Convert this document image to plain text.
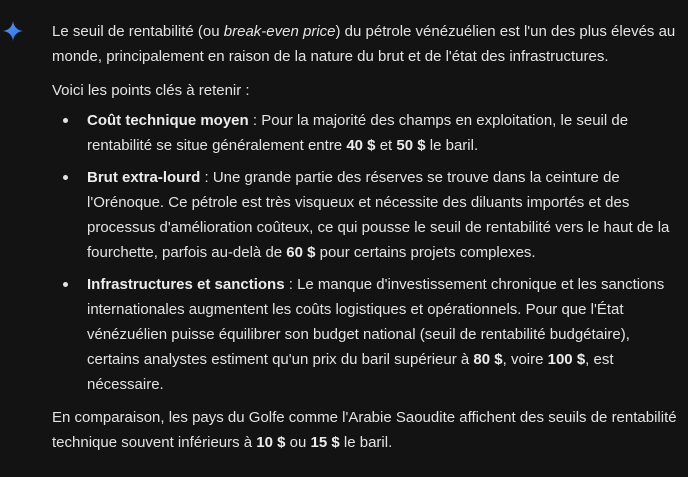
Le seuil de rentabilité (ou break-even price) du pétrole vénézuélien est l'un des plus élevés au monde, principalement en raison de la nature du brut et de l'état des infrastructures.

Voici les points clés à retenir :

Coût technique moyen : Pour la majorité des champs en exploitation, le seuil de rentabilité se situe généralement entre 40 $ et 50 $ le baril.
Brut extra-lourd : Une grande partie des réserves se trouve dans la ceinture de l'Orénoque. Ce pétrole est très visqueux et nécessite des diluants importés et des processus d'amélioration coûteux, ce qui pousse le seuil de rentabilité vers le haut de la fourchette, parfois au-delà de 60 $ pour certains projets complexes.
Infrastructures et sanctions : Le manque d'investissement chronique et les sanctions internationales augmentent les coûts logistiques et opérationnels. Pour que l'État vénézuélien puisse équilibrer son budget national (seuil de rentabilité budgétaire), certains analystes estiment qu'un prix du baril supérieur à 80 $, voire 100 $, est nécessaire.

En comparaison, les pays du Golfe comme l'Arabie Saoudite affichent des seuils de rentabilité technique souvent inférieurs à 10 $ ou 15 $ le baril.
